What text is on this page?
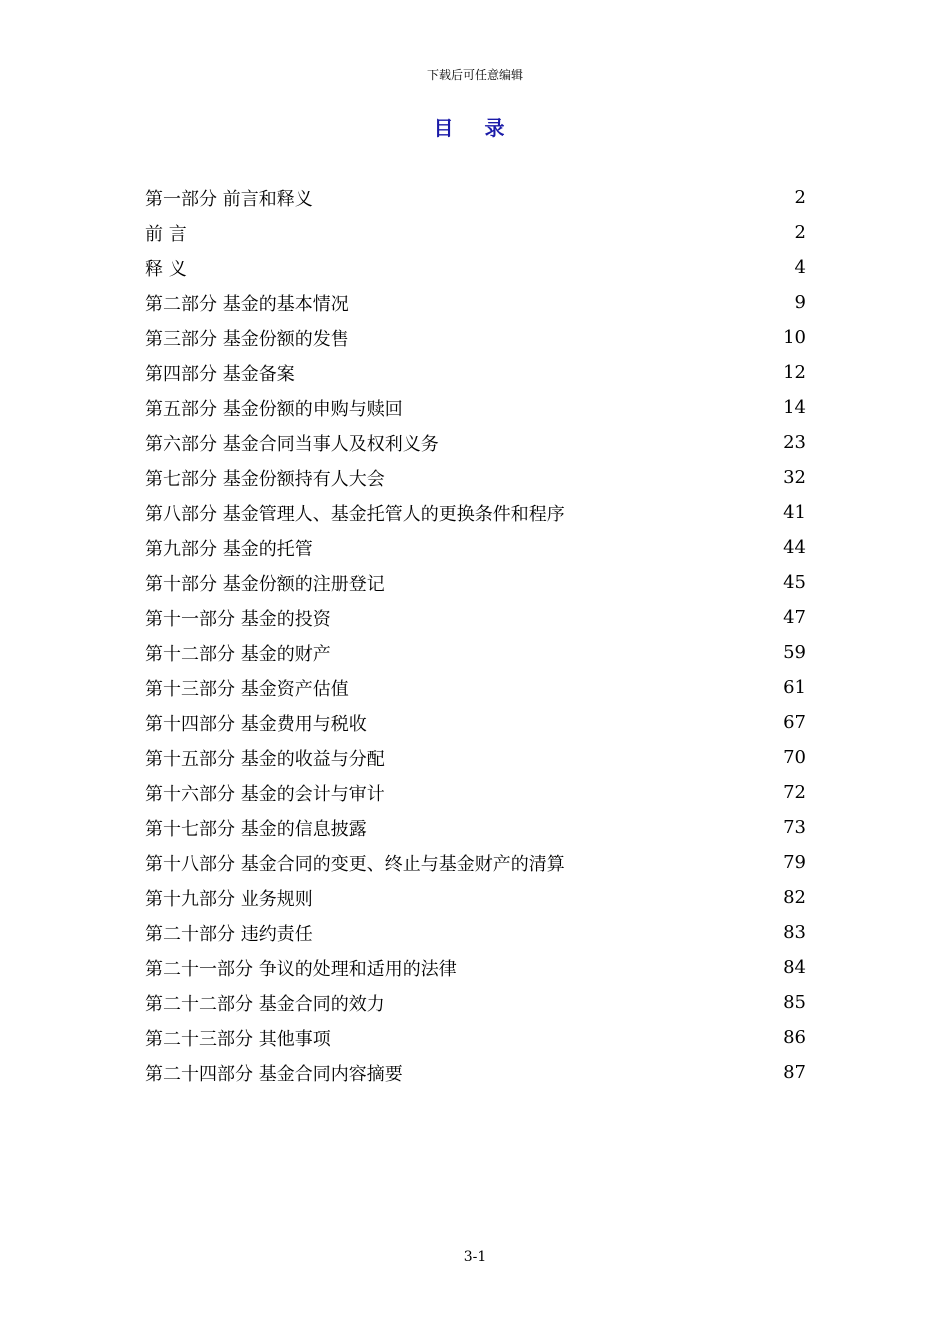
下载后可任意编辑
目 录
第一部分 前言和释义	2
前 言	2
释 义	4
第二部分 基金的基本情况	9
第三部分 基金份额的发售	10
第四部分 基金备案	12
第五部分 基金份额的申购与赎回	14
第六部分 基金合同当事人及权利义务	23
第七部分 基金份额持有人大会	32
第八部分 基金管理人、基金托管人的更换条件和程序	41
第九部分 基金的托管	44
第十部分 基金份额的注册登记	45
第十一部分 基金的投资	47
第十二部分 基金的财产	59
第十三部分 基金资产估值	61
第十四部分 基金费用与税收	67
第十五部分 基金的收益与分配	70
第十六部分 基金的会计与审计	72
第十七部分 基金的信息披露	73
第十八部分 基金合同的变更、终止与基金财产的清算	79
第十九部分 业务规则	82
第二十部分 违约责任	83
第二十一部分 争议的处理和适用的法律	84
第二十二部分 基金合同的效力	85
第二十三部分 其他事项	86
第二十四部分 基金合同内容摘要	87
3-1
